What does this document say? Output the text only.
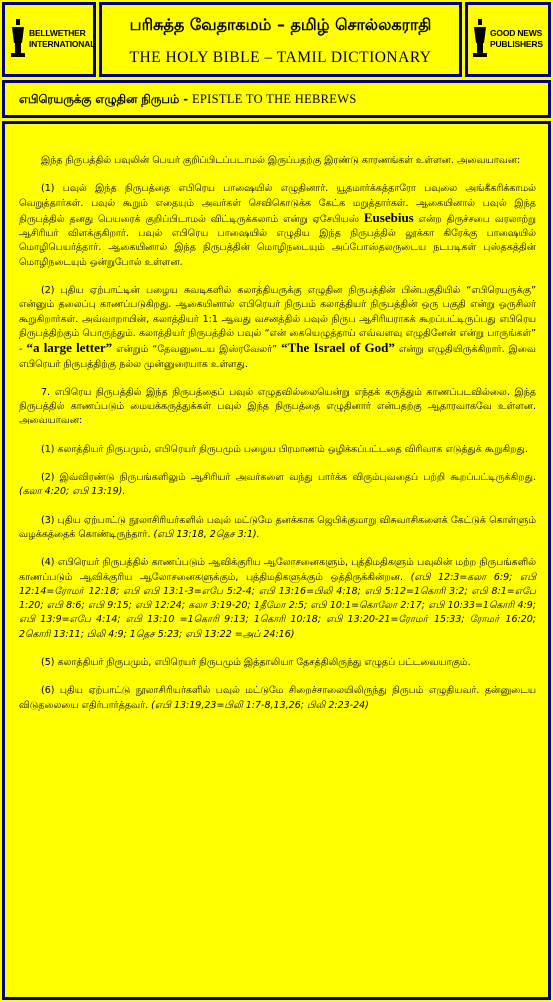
BELLWETHER
INTERNATIONAL
பரிசுத்த வேதாகமம் – தமிழ் சொல்லகராதி
THE HOLY BIBLE – TAMIL DICTIONARY
GOOD NEWS
PUBLISHERS
எபிரெயருக்கு எழுதின நிருபம் - EPISTLE TO THE HEBREWS

இந்த நிருபத்தில் பவுலின் பெயர் குறிப்பிடப்படாமல் இருப்பதற்கு இரண்டு காரணங்கள் உள்ளன. அவையாவன:

(1) பவுல் இந்த நிருபத்தை எபிரெய பாஷையில் எழுதினார். யூதமார்க்கத்தாரோ பவுலை அங்கீகரிக்காமல் வெறுத்தார்கள். பவுல் கூறும் எதையும் அவர்கள் செவிகொடுக்க கேட்க மறுத்தார்கள். ஆகையினால் பவுல் இந்த நிருபத்தில் தனது பெயரைக் குறிப்பிடாமல் விட்டிருக்கலாம் என்று ஏசேபியஸ் Eusebius என்ற திருச்சபை வரலாற்று ஆசிரியர் விளக்குகிறார். பவுல் எபிரெய பாஷையில் எழுதிய இந்த நிருபத்தில் லூக்கா கிரேக்கு பாஷையில் மொழிபெயர்த்தார். ஆகையினால் இந்த நிருபத்தின் மொழிநடையும் அப்போஸ்தலருடைய நடபடிகள் புஸ்தகத்தின் மொழிநடையும் ஒன்றுபோல் உள்ளன.

(2) புதிய ஏற்பாட்டின் பழைய சுவடிகளில் கலாத்தியருக்கு எழுதின நிருபத்தின் பின்பகுதியில் “எபிரெயருக்கு” என்னும் தலைப்பு காணப்படுகிறது. ஆகையினால் எபிரெயர் நிருபம் கலாத்தியர் நிருபத்தின் ஒரு பகுதி என்று ஒருசிலர் கூறுகிறார்கள். அவ்வாறாயின், கலாத்தியர் 1:1 ஆவது வசனத்தில் பவுல் நிருப ஆசிரியராகக் கூறப்பட்டிருப்பது எபிரெய நிருபத்திற்கும் பொருந்தும். கலாத்தியர் நிருபத்தில் பவுல் “என் கையெழுத்தாய் எவ்வளவு எழுதினேன் என்று பாருங்கள்” - “a large letter” என்றும் “தேவனுடைய இஸ்ரவேலர்” “The Israel of God” என்று எழுதியிருக்கிறார். இவை எபிரெயர் நிருபத்திற்கு நல்ல முன்னுரையாக உள்ளது.

7. எபிரெய நிருபத்தில் இந்த நிருபத்தைப் பவுல் எழுதவில்லையென்று எந்தக் கருத்தும் காணப்படவில்லை. இந்த நிருபத்தில் காணப்படும் மையக்கருத்துக்கள் பவுல் இந்த நிருபத்தை எழுதினார் என்பதற்கு ஆதாரவாகவே உள்ளன. அவையாவன:

(1) கலாத்தியர் நிருபமும், எபிரெயர் நிருபமும் பழைய பிரமாணம் ஒழிக்கப்பட்டதை விரிவாக எடுத்துக் கூறுகிறது.

(2) இவ்விரண்டு நிருபங்களிலும் ஆசிரியர் அவர்களை வந்து பார்க்க விரும்புவதைப் பற்றி கூறப்பட்டிருக்கிறது. (கலா 4:20; எபி 13:19).

(3) புதிய ஏற்பாட்டு நூலாசிரியர்களில் பவுல் மட்டுமே தனக்காக ஜெபிக்குமாறு விசுவாசிகளைக் கேட்டுக் கொள்ளும் வழக்கத்தைக் கொண்டிருந்தார். (எபி 13:18, 2தெச 3:1).

(4) எபிரெயர் நிருபத்தில் காணப்படும் ஆவிக்குரிய ஆலோசனைகளும், புத்திமதிகளும் பவுலின் மற்ற நிருபங்களில் காணப்படும் ஆவிக்குரிய ஆலோசனைகளுக்கும், புத்திமதிகளுக்கும் ஒத்திருக்கின்றன. (எபி 12:3=கலா 6:9; எபி 12:14=ரோமா் 12:18; எபி எபி 13:1-3=எபே 5:2-4; எபி 13:16=பிலி 4:18; எபி 5:12=1கொரி 3:2; எபி 8:1=எபே 1:20; எபி 8:6; எபி 9:15; எபி 12:24; கலா 3:19-20; 1தீமோ 2:5; எபி 10:1=கொலோ 2:17; எபி 10:33=1கொரி 4:9; எபி 13:9=எபே 4:14; எபி 13:10 =1கொரி 9:13; 1கொரி 10:18; எபி 13:20-21=ரோமா் 15:33; ரோமா் 16:20; 2கொரி 13:11; பிலி 4:9; 1தெச 5:23; எபி 13:22 =அப் 24:16)

(5) கலாத்தியர் நிருபமும், எபிரெயர் நிருபமும் இத்தாலியா தேசத்திலிருந்து எழுதப் பட்டவையாகும்.

(6) புதிய ஏற்பாட்டு நூலாசிரியர்களில் பவுல் மட்டுமே சிறைச்சாலையிலிருந்து நிருபம் எழுதியவர். தன்னுடைய விடுதலையை எதிர்பார்த்தவர். (எபி 13:19,23=பிலி 1:7-8,13,26; பிலி 2:23-24)
